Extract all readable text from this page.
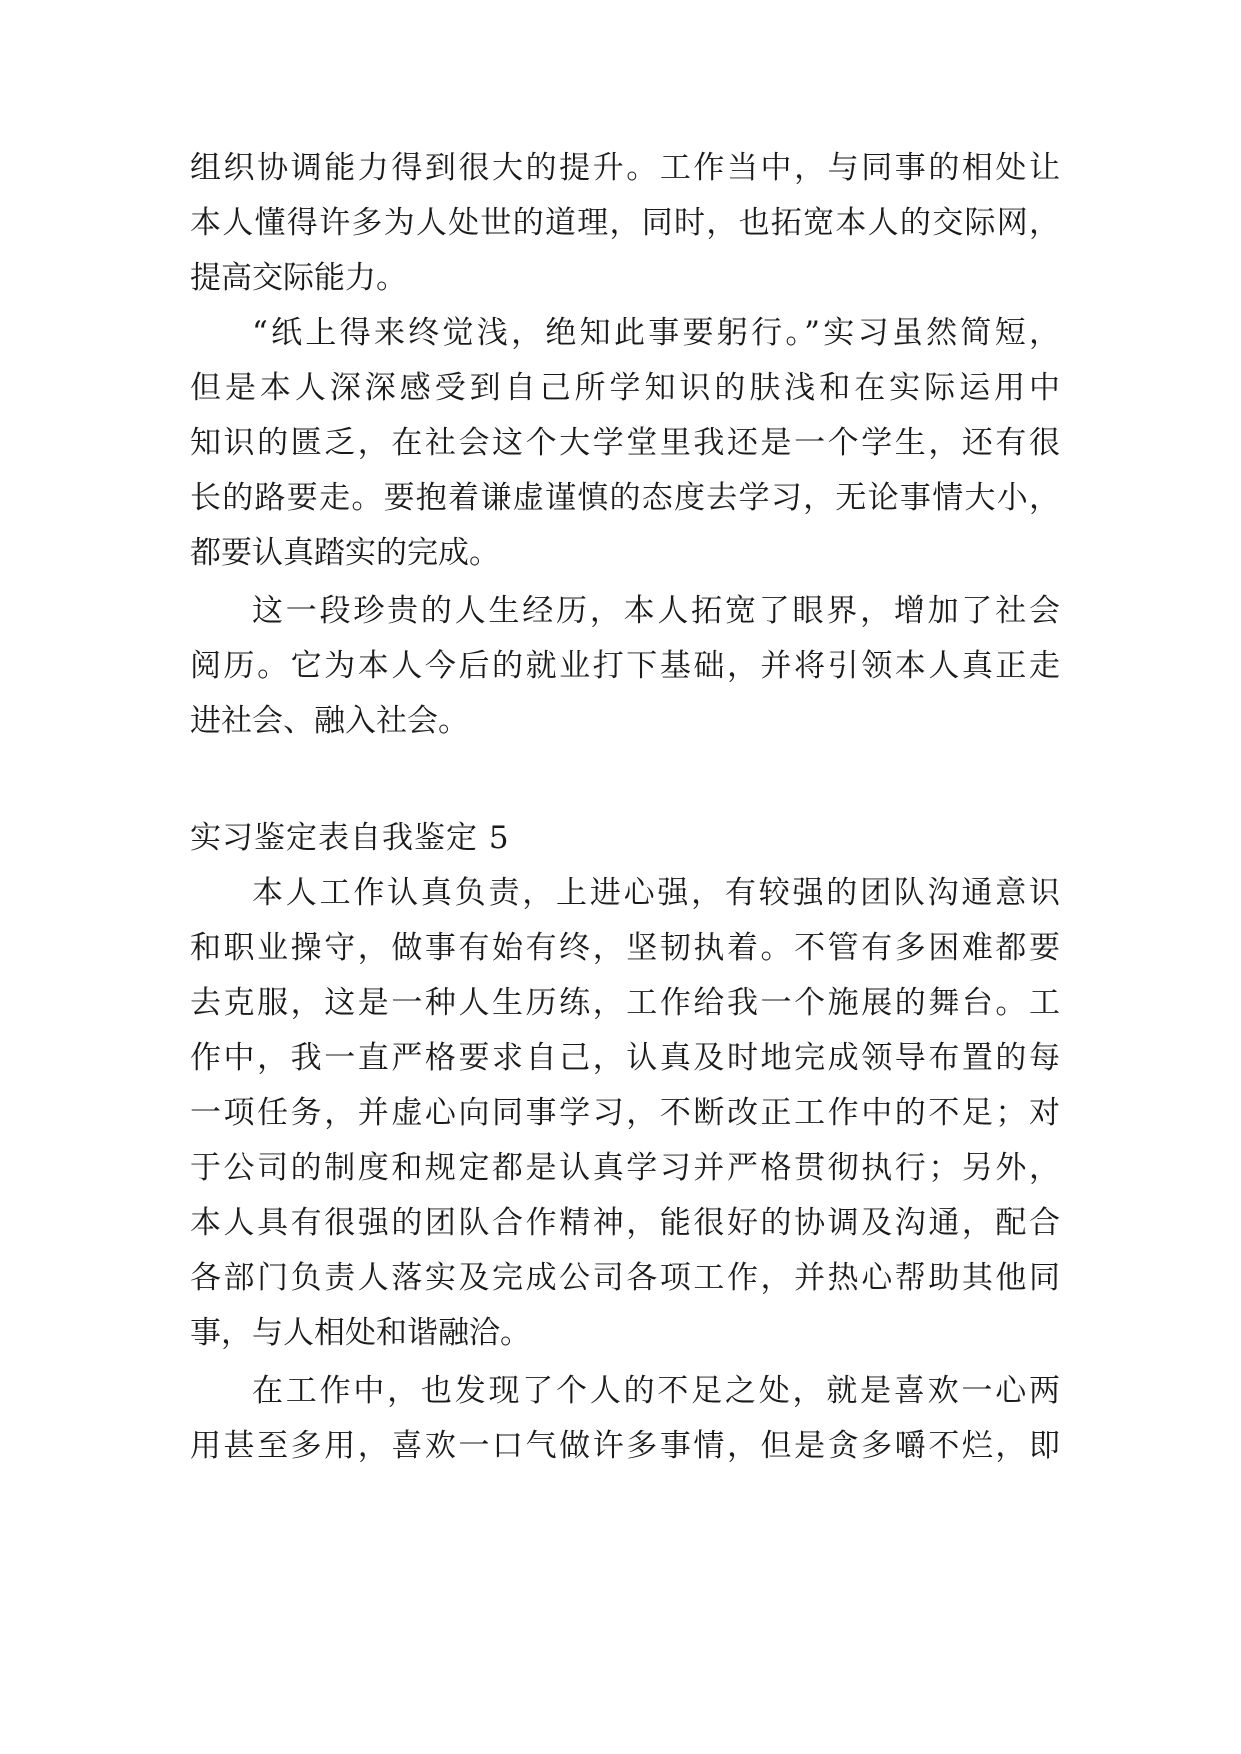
组织协调能力得到很大的提升。工作当中，与同事的相处让
本人懂得许多为人处世的道理，同时，也拓宽本人的交际网，
提高交际能力。
“纸上得来终觉浅，绝知此事要躬行。”实习虽然简短，
但是本人深深感受到自己所学知识的肤浅和在实际运用中
知识的匮乏，在社会这个大学堂里我还是一个学生，还有很
长的路要走。要抱着谦虚谨慎的态度去学习，无论事情大小，
都要认真踏实的完成。
这一段珍贵的人生经历，本人拓宽了眼界，增加了社会
阅历。它为本人今后的就业打下基础，并将引领本人真正走
进社会、融入社会。
实习鉴定表自我鉴定 5
本人工作认真负责，上进心强，有较强的团队沟通意识
和职业操守，做事有始有终，坚韧执着。不管有多困难都要
去克服，这是一种人生历练，工作给我一个施展的舞台。工
作中，我一直严格要求自己，认真及时地完成领导布置的每
一项任务，并虚心向同事学习，不断改正工作中的不足；对
于公司的制度和规定都是认真学习并严格贯彻执行；另外，
本人具有很强的团队合作精神，能很好的协调及沟通，配合
各部门负责人落实及完成公司各项工作，并热心帮助其他同
事，与人相处和谐融洽。
在工作中，也发现了个人的不足之处，就是喜欢一心两
用甚至多用，喜欢一口气做许多事情，但是贪多嚼不烂，即
